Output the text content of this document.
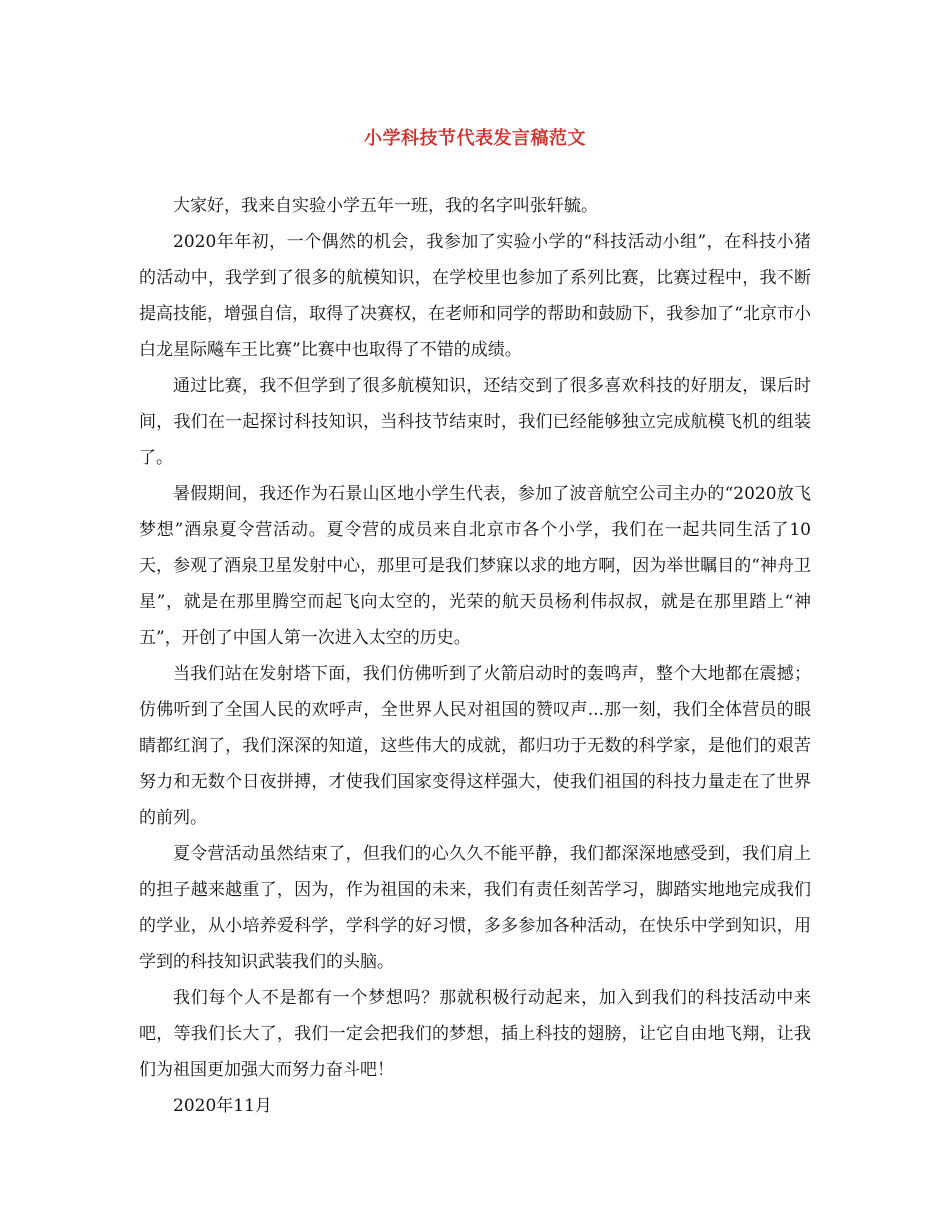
小学科技节代表发言稿范文

大家好，我来自实验小学五年一班，我的名字叫张轩毓。

2020年年初，一个偶然的机会，我参加了实验小学的“科技活动小组”，在科技小猪的活动中，我学到了很多的航模知识，在学校里也参加了系列比赛，比赛过程中，我不断提高技能，增强自信，取得了决赛权，在老师和同学的帮助和鼓励下，我参加了“北京市小白龙星际飚车王比赛”比赛中也取得了不错的成绩。

通过比赛，我不但学到了很多航模知识，还结交到了很多喜欢科技的好朋友，课后时间，我们在一起探讨科技知识，当科技节结束时，我们已经能够独立完成航模飞机的组装了。

暑假期间，我还作为石景山区地小学生代表，参加了波音航空公司主办的“2020放飞梦想”酒泉夏令营活动。夏令营的成员来自北京市各个小学，我们在一起共同生活了10天，参观了酒泉卫星发射中心，那里可是我们梦寐以求的地方啊，因为举世瞩目的“神舟卫星”，就是在那里腾空而起飞向太空的，光荣的航天员杨利伟叔叔，就是在那里踏上“神五”，开创了中国人第一次进入太空的历史。

当我们站在发射塔下面，我们仿佛听到了火箭启动时的轰鸣声，整个大地都在震撼；仿佛听到了全国人民的欢呼声，全世界人民对祖国的赞叹声...那一刻，我们全体营员的眼睛都红润了，我们深深的知道，这些伟大的成就，都归功于无数的科学家，是他们的艰苦努力和无数个日夜拼搏，才使我们国家变得这样强大，使我们祖国的科技力量走在了世界的前列。

夏令营活动虽然结束了，但我们的心久久不能平静，我们都深深地感受到，我们肩上的担子越来越重了，因为，作为祖国的未来，我们有责任刻苦学习，脚踏实地地完成我们的学业，从小培养爱科学，学科学的好习惯，多多参加各种活动，在快乐中学到知识，用学到的科技知识武装我们的头脑。

我们每个人不是都有一个梦想吗？那就积极行动起来，加入到我们的科技活动中来吧，等我们长大了，我们一定会把我们的梦想，插上科技的翅膀，让它自由地飞翔，让我们为祖国更加强大而努力奋斗吧！

2020年11月
